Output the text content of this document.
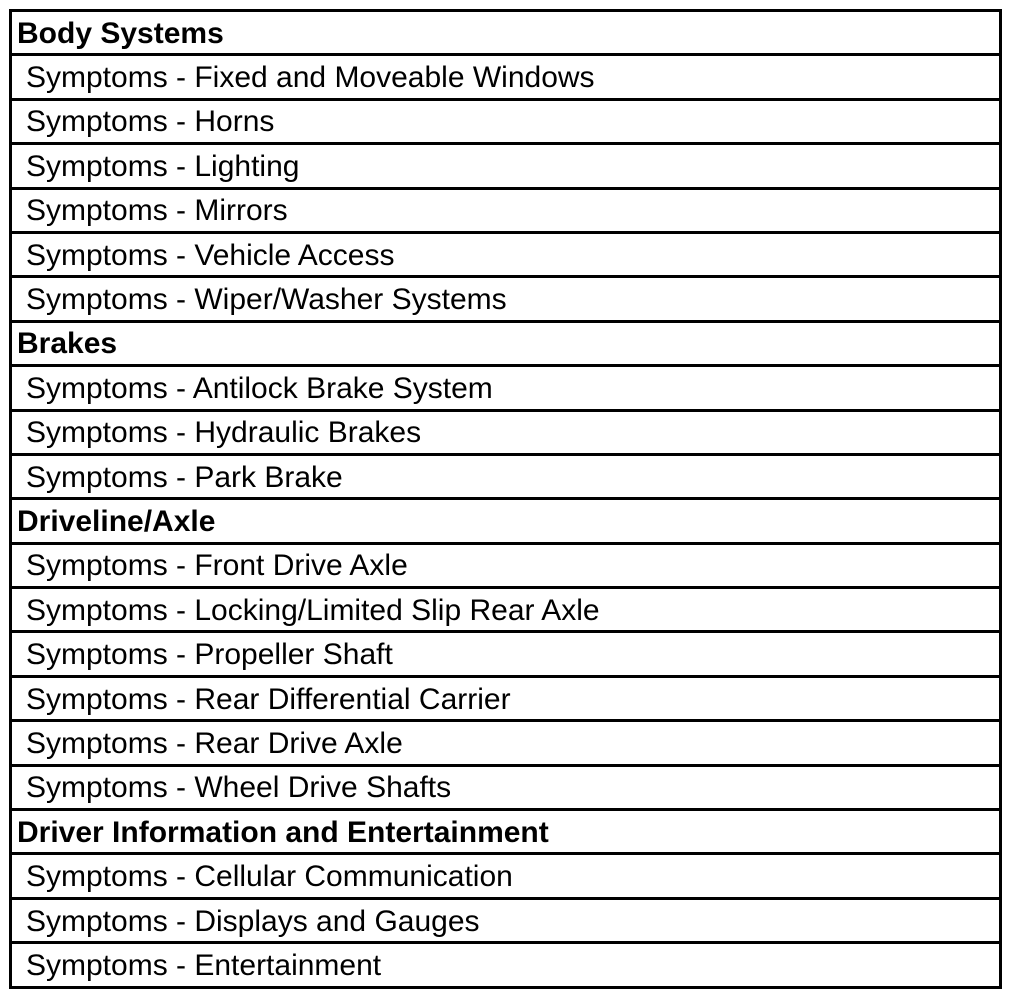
Body Systems
Symptoms - Fixed and Moveable Windows
Symptoms - Horns
Symptoms - Lighting
Symptoms - Mirrors
Symptoms - Vehicle Access
Symptoms - Wiper/Washer Systems
Brakes
Symptoms - Antilock Brake System
Symptoms - Hydraulic Brakes
Symptoms - Park Brake
Driveline/Axle
Symptoms - Front Drive Axle
Symptoms - Locking/Limited Slip Rear Axle
Symptoms - Propeller Shaft
Symptoms - Rear Differential Carrier
Symptoms - Rear Drive Axle
Symptoms - Wheel Drive Shafts
Driver Information and Entertainment
Symptoms - Cellular Communication
Symptoms - Displays and Gauges
Symptoms - Entertainment
